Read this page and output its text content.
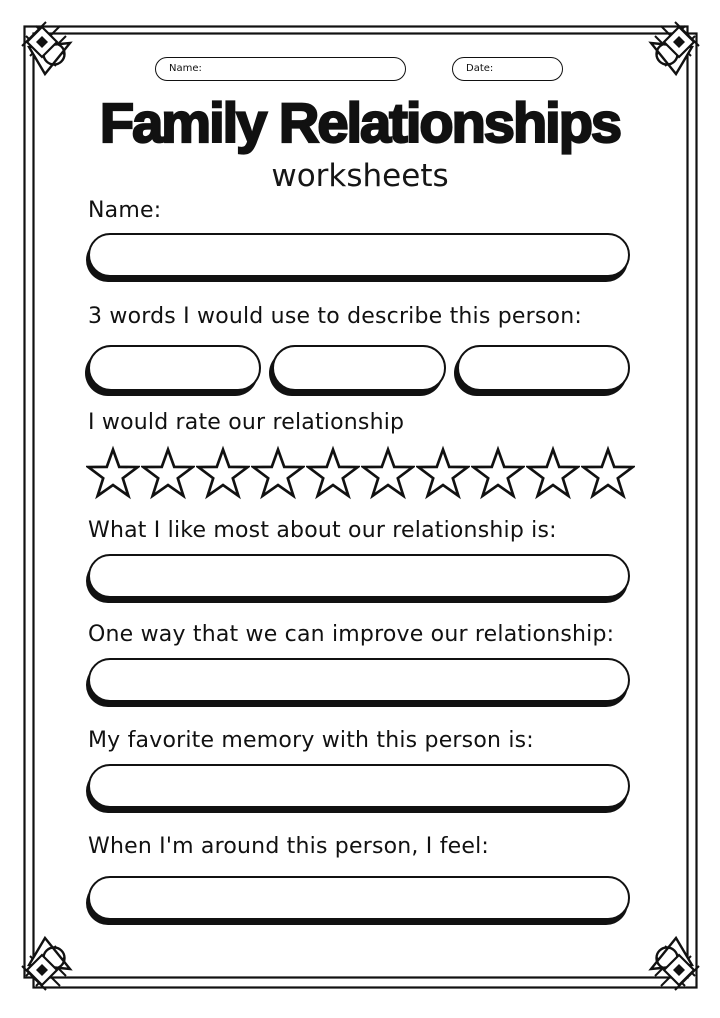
Name:	Date:
Family Relationships
worksheets
Name:
3 words I would use to describe this person:
I would rate our relationship
What I like most about our relationship is:
One way that we can improve our relationship:
My favorite memory with this person is:
When I'm around this person, I feel:
